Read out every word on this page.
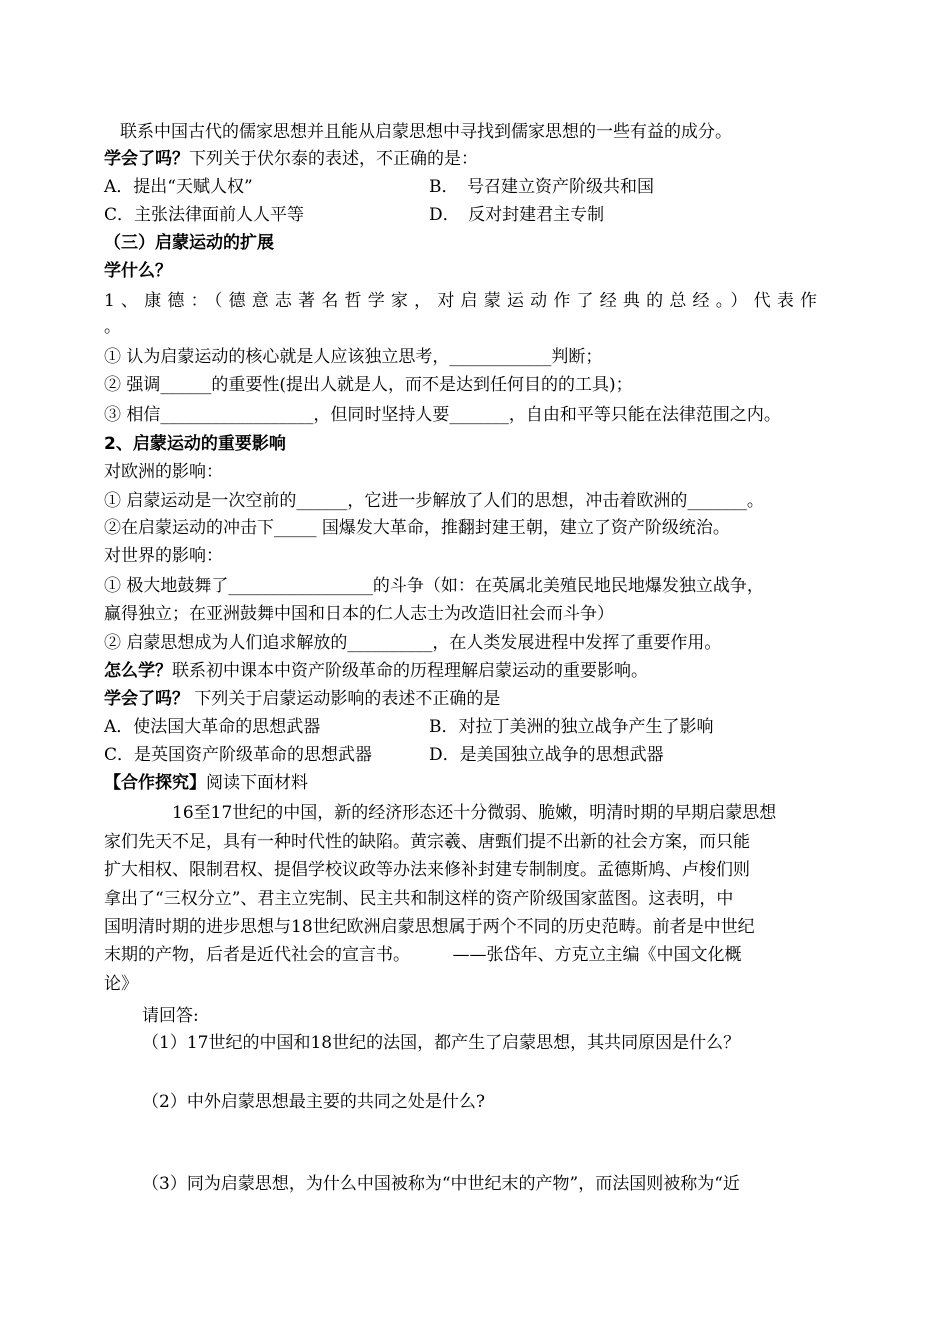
联系中国古代的儒家思想并且能从启蒙思想中寻找到儒家思想的一些有益的成分。
学会了吗？下列关于伏尔泰的表述，不正确的是：
A．提出“天赋人权”	B．　号召建立资产阶级共和国
C．主张法律面前人人平等	D．　反对封建君主专制
（三）启蒙运动的扩展
学什么？
1、康德：（德意志著名哲学家，对启蒙运动作了经典的总经。）代表作
。
① 认为启蒙运动的核心就是人应该独立思考，____________判断；
② 强调______的重要性(提出人就是人，而不是达到任何目的的工具)；
③ 相信__________________，但同时坚持人要_______，自由和平等只能在法律范围之内。
2、启蒙运动的重要影响
对欧洲的影响：
① 启蒙运动是一次空前的______，它进一步解放了人们的思想，冲击着欧洲的_______。
②在启蒙运动的冲击下_____ 国爆发大革命，推翻封建王朝，建立了资产阶级统治。
对世界的影响：
① 极大地鼓舞了_________________的斗争（如：在英属北美殖民地民地爆发独立战争，
赢得独立；在亚洲鼓舞中国和日本的仁人志士为改造旧社会而斗争）
② 启蒙思想成为人们追求解放的__________，在人类发展进程中发挥了重要作用。
怎么学？联系初中课本中资产阶级革命的历程理解启蒙运动的重要影响。
学会了吗？ 下列关于启蒙运动影响的表述不正确的是
A．使法国大革命的思想武器	B．对拉丁美洲的独立战争产生了影响
C．是英国资产阶级革命的思想武器	D．是美国独立战争的思想武器
【合作探究】阅读下面材料
16至17世纪的中国，新的经济形态还十分微弱、脆嫩，明清时期的早期启蒙思想
家们先天不足，具有一种时代性的缺陷。黄宗羲、唐甄们提不出新的社会方案，而只能
扩大相权、限制君权、提倡学校议政等办法来修补封建专制制度。孟德斯鸠、卢梭们则
拿出了“三权分立”、君主立宪制、民主共和制这样的资产阶级国家蓝图。这表明，中
国明清时期的进步思想与18世纪欧洲启蒙思想属于两个不同的历史范畴。前者是中世纪
末期的产物，后者是近代社会的宣言书。　　　——张岱年、方克立主编《中国文化概
论》
请回答:
（1）17世纪的中国和18世纪的法国，都产生了启蒙思想，其共同原因是什么？
（2）中外启蒙思想最主要的共同之处是什么?
（3）同为启蒙思想，为什么中国被称为“中世纪末的产物”，而法国则被称为“近
